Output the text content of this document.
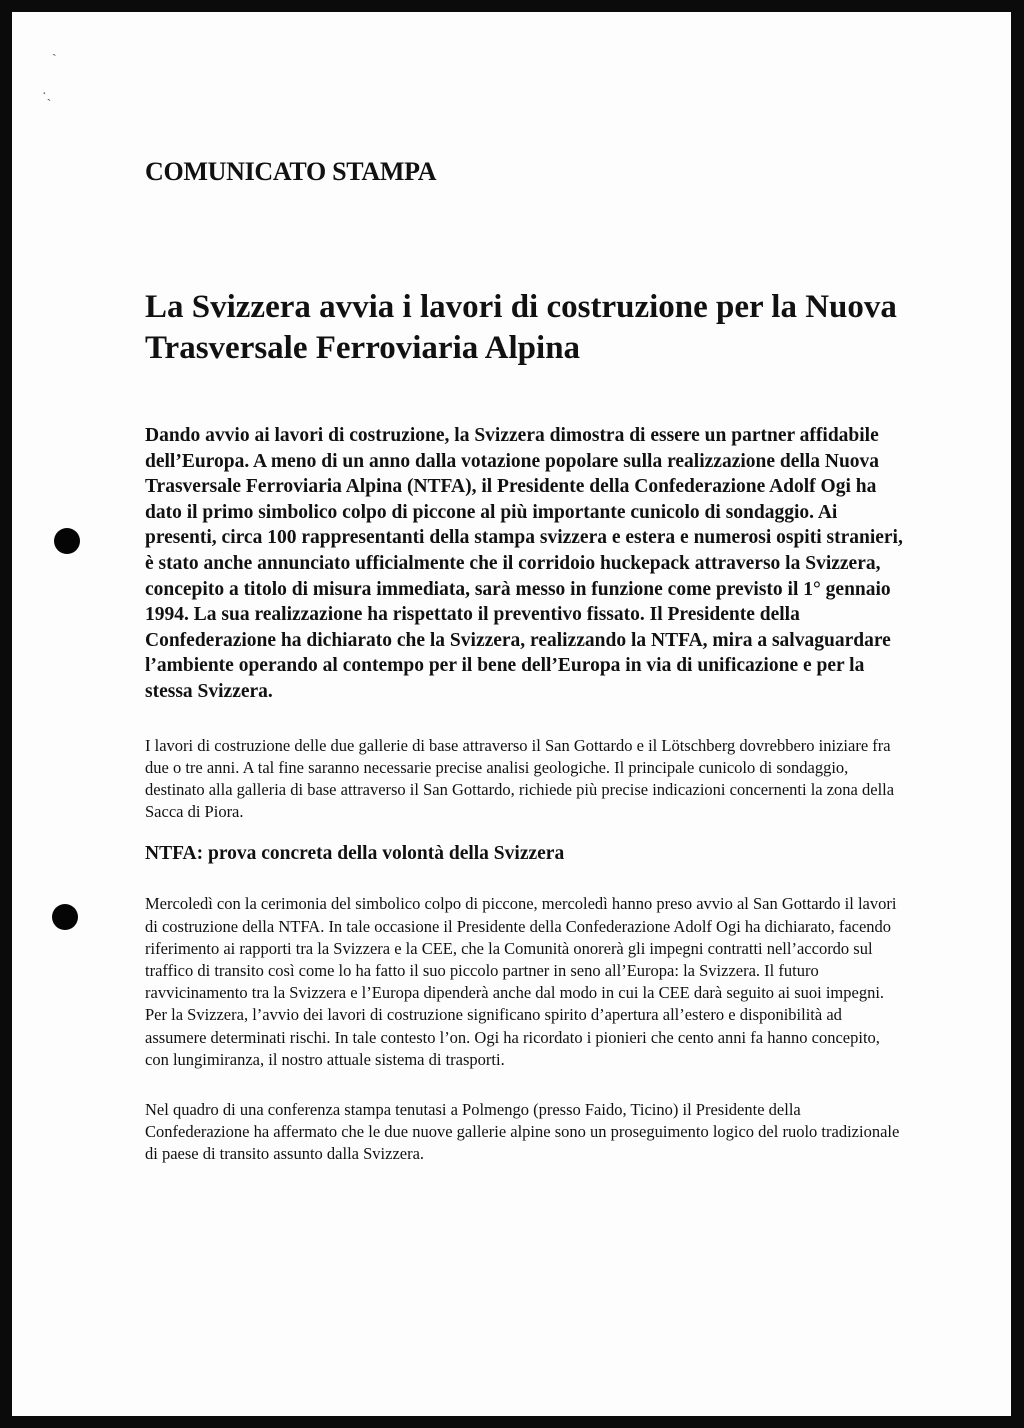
ˏ
·ˎ
COMUNICATO STAMPA
La Svizzera avvia i lavori di costruzione per la Nuova Trasversale Ferroviaria Alpina

Dando avvio ai lavori di costruzione, la Svizzera dimostra di essere un partner affidabile dell’Europa. A meno di un anno dalla votazione popolare sulla realizzazione della Nuova Trasversale Ferroviaria Alpina (NTFA), il Presidente della Confederazione Adolf Ogi ha dato il primo simbolico colpo di piccone al più importante cunicolo di sondaggio. Ai presenti, circa 100 rappresentanti della stampa svizzera e estera e numerosi ospiti stranieri, è stato anche annunciato ufficialmente che il corridoio huckepack attraverso la Svizzera, concepito a titolo di misura immediata, sarà messo in funzione come previsto il 1° gennaio 1994. La sua realizzazione ha rispettato il preventivo fissato. Il Presidente della Confederazione ha dichiarato che la Svizzera, realizzando la NTFA, mira a salvaguardare l’ambiente operando al contempo per il bene dell’Europa in via di unificazione e per la stessa Svizzera.

I lavori di costruzione delle due gallerie di base attraverso il San Gottardo e il Lötschberg dovrebbero iniziare fra due o tre anni. A tal fine saranno necessarie precise analisi geologiche. Il principale cunicolo di sondaggio, destinato alla galleria di base attraverso il San Gottardo, richiede più precise indicazioni concernenti la zona della Sacca di Piora.

NTFA: prova concreta della volontà della Svizzera

Mercoledì con la cerimonia del simbolico colpo di piccone, mercoledì hanno preso avvio al San Gottardo il lavori di costruzione della NTFA. In tale occasione il Presidente della Confederazione Adolf Ogi ha dichiarato, facendo riferimento ai rapporti tra la Svizzera e la CEE, che la Comunità onorerà gli impegni contratti nell’accordo sul traffico di transito così come lo ha fatto il suo piccolo partner in seno all’Europa: la Svizzera. Il futuro ravvicinamento tra la Svizzera e l’Europa dipenderà anche dal modo in cui la CEE darà seguito ai suoi impegni. Per la Svizzera, l’avvio dei lavori di costruzione significano spirito d’apertura all’estero e disponibilità ad assumere determinati rischi. In tale contesto l’on. Ogi ha ricordato i pionieri che cento anni fa hanno concepito, con lungimiranza, il nostro attuale sistema di trasporti.

Nel quadro di una conferenza stampa tenutasi a Polmengo (presso Faido, Ticino) il Presidente della Confederazione ha affermato che le due nuove gallerie alpine sono un proseguimento logico del ruolo tradizionale di paese di transito assunto dalla Svizzera.
